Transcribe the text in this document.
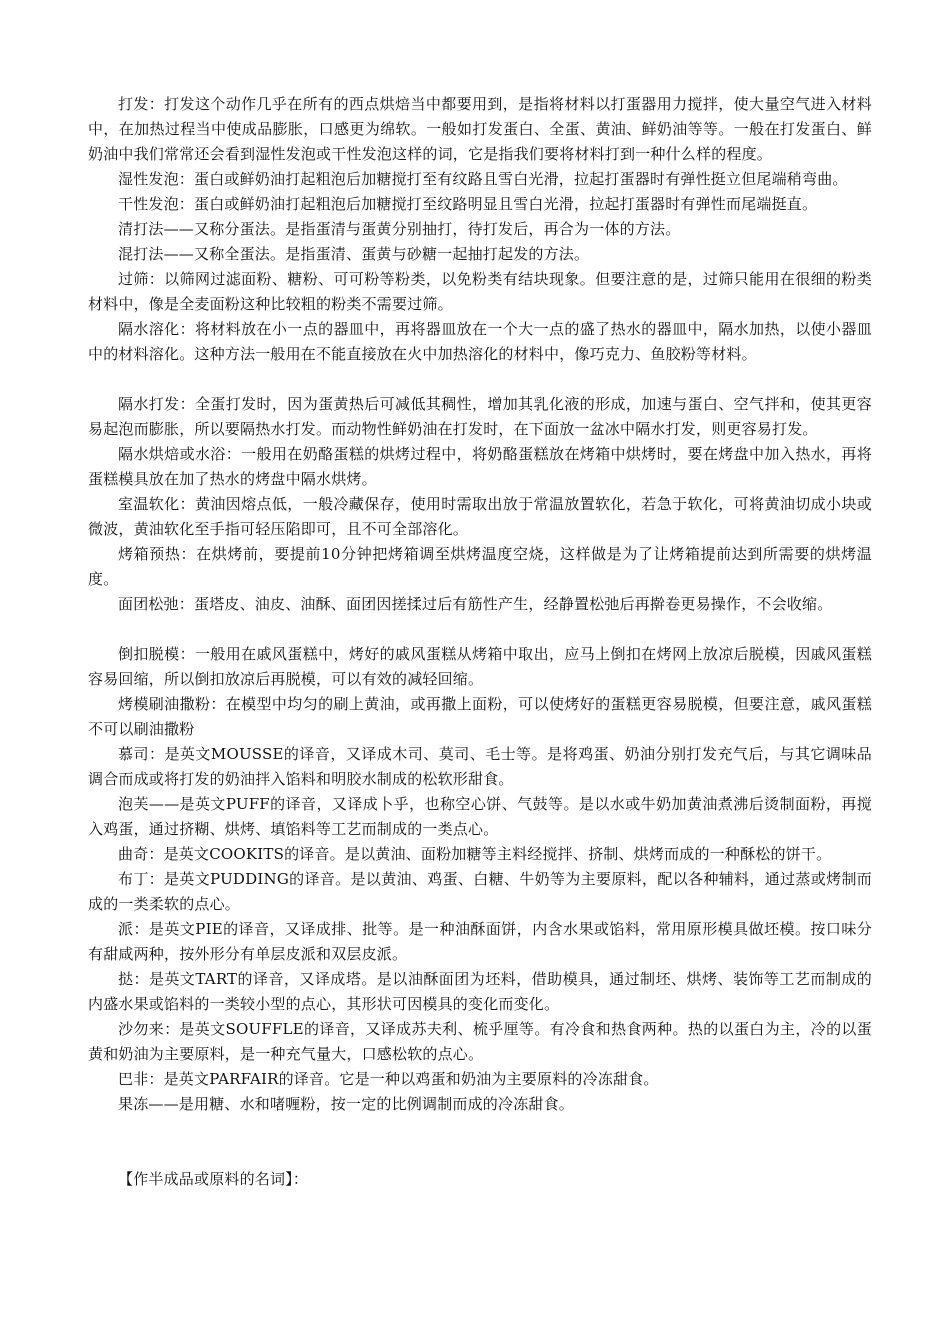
打发：打发这个动作几乎在所有的西点烘焙当中都要用到，是指将材料以打蛋器用力搅拌，使大量空气进入材料中，在加热过程当中使成品膨胀，口感更为绵软。一般如打发蛋白、全蛋、黄油、鲜奶油等等。一般在打发蛋白、鲜奶油中我们常常还会看到湿性发泡或干性发泡这样的词，它是指我们要将材料打到一种什么样的程度。

湿性发泡：蛋白或鲜奶油打起粗泡后加糖搅打至有纹路且雪白光滑，拉起打蛋器时有弹性挺立但尾端稍弯曲。

干性发泡：蛋白或鲜奶油打起粗泡后加糖搅打至纹路明显且雪白光滑，拉起打蛋器时有弹性而尾端挺直。

清打法——又称分蛋法。是指蛋清与蛋黄分别抽打，待打发后，再合为一体的方法。

混打法——又称全蛋法。是指蛋清、蛋黄与砂糖一起抽打起发的方法。

过筛：以筛网过滤面粉、糖粉、可可粉等粉类，以免粉类有结块现象。但要注意的是，过筛只能用在很细的粉类材料中，像是全麦面粉这种比较粗的粉类不需要过筛。

隔水溶化：将材料放在小一点的器皿中，再将器皿放在一个大一点的盛了热水的器皿中，隔水加热，以使小器皿中的材料溶化。这种方法一般用在不能直接放在火中加热溶化的材料中，像巧克力、鱼胶粉等材料。

隔水打发：全蛋打发时，因为蛋黄热后可减低其稠性，增加其乳化液的形成，加速与蛋白、空气拌和，使其更容易起泡而膨胀，所以要隔热水打发。而动物性鲜奶油在打发时，在下面放一盆冰中隔水打发，则更容易打发。

隔水烘焙或水浴：一般用在奶酪蛋糕的烘烤过程中，将奶酪蛋糕放在烤箱中烘烤时，要在烤盘中加入热水，再将蛋糕模具放在加了热水的烤盘中隔水烘烤。

室温软化：黄油因熔点低，一般冷藏保存，使用时需取出放于常温放置软化，若急于软化，可将黄油切成小块或微波，黄油软化至手指可轻压陷即可，且不可全部溶化。

烤箱预热：在烘烤前，要提前10分钟把烤箱调至烘烤温度空烧，这样做是为了让烤箱提前达到所需要的烘烤温度。

面团松弛：蛋塔皮、油皮、油酥、面团因搓揉过后有筋性产生，经静置松弛后再擀卷更易操作，不会收缩。

倒扣脱模：一般用在戚风蛋糕中，烤好的戚风蛋糕从烤箱中取出，应马上倒扣在烤网上放凉后脱模，因戚风蛋糕容易回缩，所以倒扣放凉后再脱模，可以有效的减轻回缩。

烤模刷油撒粉：在模型中均匀的刷上黄油，或再撒上面粉，可以使烤好的蛋糕更容易脱模，但要注意，戚风蛋糕不可以刷油撒粉

慕司：是英文MOUSSE的译音，又译成木司、莫司、毛士等。是将鸡蛋、奶油分别打发充气后，与其它调味品调合而成或将打发的奶油拌入馅料和明胶水制成的松软形甜食。

泡芙——是英文PUFF的译音，又译成卜乎，也称空心饼、气鼓等。是以水或牛奶加黄油煮沸后烫制面粉，再搅入鸡蛋，通过挤糊、烘烤、填馅料等工艺而制成的一类点心。

曲奇：是英文COOKITS的译音。是以黄油、面粉加糖等主料经搅拌、挤制、烘烤而成的一种酥松的饼干。

布丁：是英文PUDDING的译音。是以黄油、鸡蛋、白糖、牛奶等为主要原料，配以各种辅料，通过蒸或烤制而成的一类柔软的点心。

派：是英文PIE的译音，又译成排、批等。是一种油酥面饼，内含水果或馅料，常用原形模具做坯模。按口味分有甜咸两种，按外形分有单层皮派和双层皮派。

挞：是英文TART的译音，又译成塔。是以油酥面团为坯料，借助模具，通过制坯、烘烤、装饰等工艺而制成的内盛水果或馅料的一类较小型的点心，其形状可因模具的变化而变化。

沙勿来：是英文SOUFFLE的译音，又译成苏夫利、梳乎厘等。有冷食和热食两种。热的以蛋白为主，冷的以蛋黄和奶油为主要原料，是一种充气量大，口感松软的点心。

巴非：是英文PARFAIR的译音。它是一种以鸡蛋和奶油为主要原料的冷冻甜食。

果冻——是用糖、水和啫喱粉，按一定的比例调制而成的冷冻甜食。

【作半成品或原料的名词】：
